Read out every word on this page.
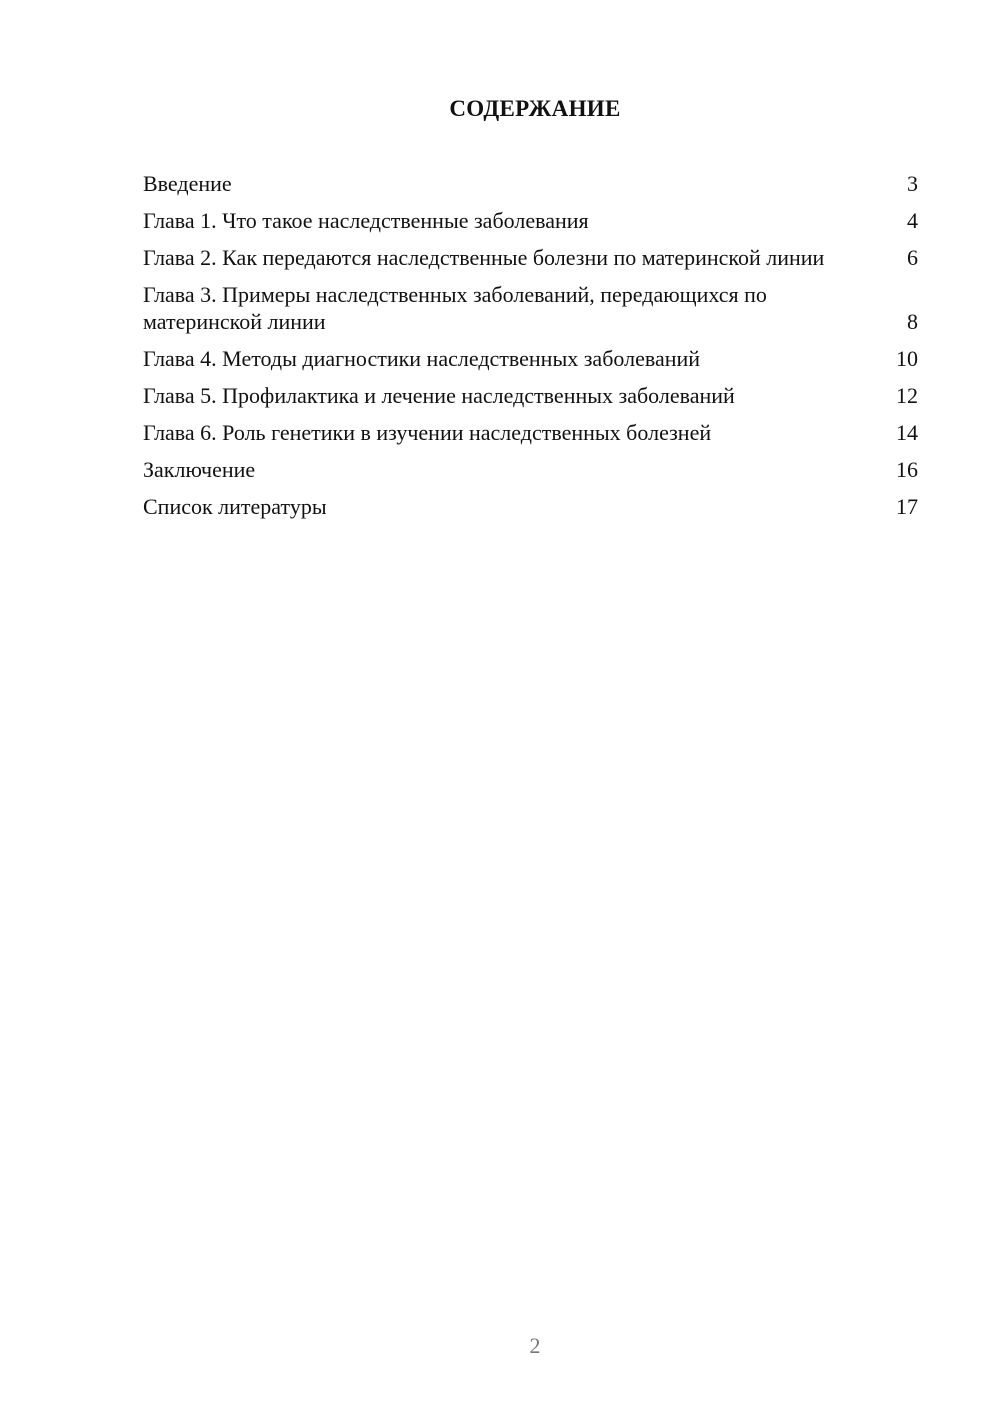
СОДЕРЖАНИЕ
Введение	3
Глава 1. Что такое наследственные заболевания	4
Глава 2. Как передаются наследственные болезни по материнской линии	6
Глава 3. Примеры наследственных заболеваний, передающихся по материнской линии	8
Глава 4. Методы диагностики наследственных заболеваний	10
Глава 5. Профилактика и лечение наследственных заболеваний	12
Глава 6. Роль генетики в изучении наследственных болезней	14
Заключение	16
Список литературы	17
2
